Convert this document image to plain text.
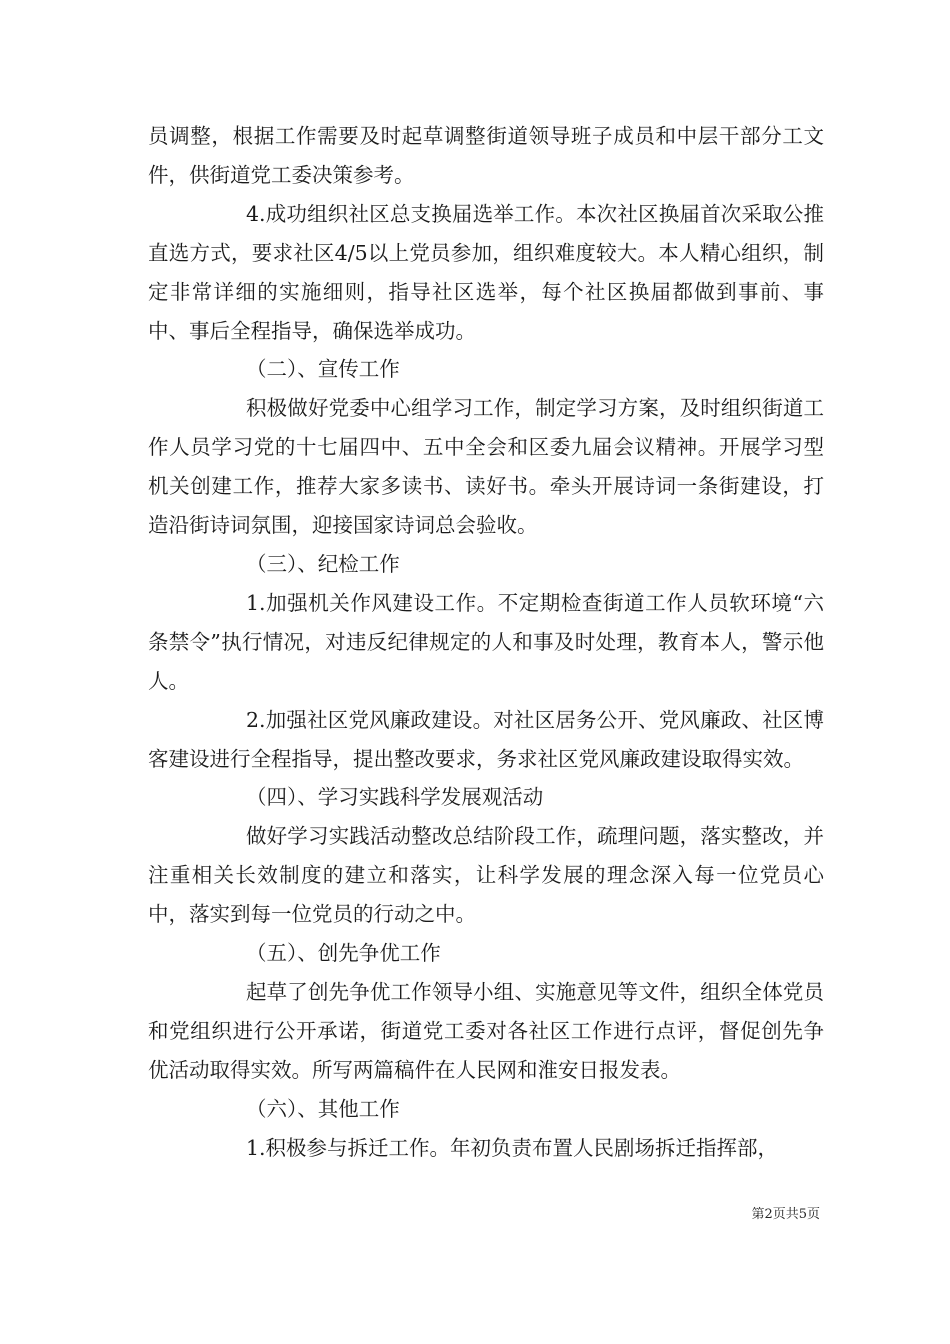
员调整，根据工作需要及时起草调整街道领导班子成员和中层干部分工文件，供街道党工委决策参考。

4.成功组织社区总支换届选举工作。本次社区换届首次采取公推直选方式，要求社区4/5以上党员参加，组织难度较大。本人精心组织，制定非常详细的实施细则，指导社区选举，每个社区换届都做到事前、事中、事后全程指导，确保选举成功。

（二）、宣传工作

积极做好党委中心组学习工作，制定学习方案，及时组织街道工作人员学习党的十七届四中、五中全会和区委九届会议精神。开展学习型机关创建工作，推荐大家多读书、读好书。牵头开展诗词一条街建设，打造沿街诗词氛围，迎接国家诗词总会验收。

（三）、纪检工作

1.加强机关作风建设工作。不定期检查街道工作人员软环境“六条禁令”执行情况，对违反纪律规定的人和事及时处理，教育本人，警示他人。

2.加强社区党风廉政建设。对社区居务公开、党风廉政、社区博客建设进行全程指导，提出整改要求，务求社区党风廉政建设取得实效。

（四）、学习实践科学发展观活动

做好学习实践活动整改总结阶段工作，疏理问题，落实整改，并注重相关长效制度的建立和落实，让科学发展的理念深入每一位党员心中，落实到每一位党员的行动之中。

（五）、创先争优工作

起草了创先争优工作领导小组、实施意见等文件，组织全体党员和党组织进行公开承诺，街道党工委对各社区工作进行点评，督促创先争优活动取得实效。所写两篇稿件在人民网和淮安日报发表。

（六）、其他工作

1.积极参与拆迁工作。年初负责布置人民剧场拆迁指挥部，

第2页共5页
